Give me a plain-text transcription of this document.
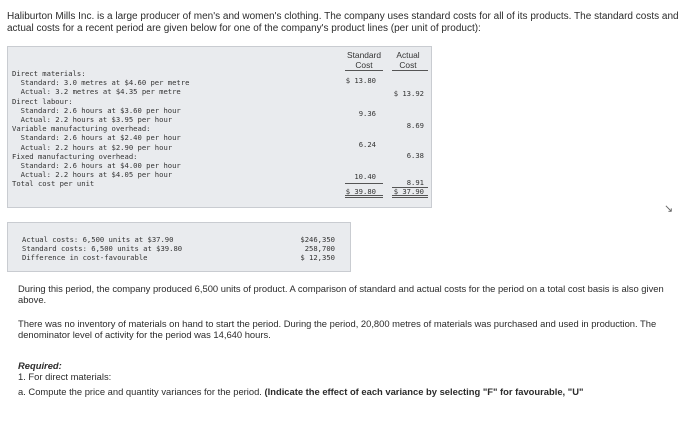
Haliburton Mills Inc. is a large producer of men's and women's clothing. The company uses standard costs for all of its products. The standard costs and actual costs for a recent period are given below for one of the company's product lines (per unit of product):
Standard Cost
Actual Cost
Direct materials:
Standard: 3.0 metres at $4.60 per metre
Actual: 3.2 metres at $4.35 per metre
Direct labour:
Standard: 2.6 hours at $3.60 per hour
Actual: 2.2 hours at $3.95 per hour
Variable manufacturing overhead:
Standard: 2.6 hours at $2.40 per hour
Actual: 2.2 hours at $2.90 per hour
Fixed manufacturing overhead:
Standard: 2.6 hours at $4.00 per hour
Actual: 2.2 hours at $4.05 per hour
Total cost per unit
$ 13.80
$ 13.92
9.36
8.69
6.24
6.38
10.40
8.91
$ 39.80	$ 37.90
Actual costs: 6,500 units at $37.90
Standard costs: 6,500 units at $39.80
Difference in cost-favourable
$246,350
258,700
$ 12,350
↘
During this period, the company produced 6,500 units of product. A comparison of standard and actual costs for the period on a total cost basis is also given above.
There was no inventory of materials on hand to start the period. During the period, 20,800 metres of materials was purchased and used in production. The denominator level of activity for the period was 14,640 hours.
Required:
1. For direct materials:
a. Compute the price and quantity variances for the period. (Indicate the effect of each variance by selecting "F" for favourable, "U"
